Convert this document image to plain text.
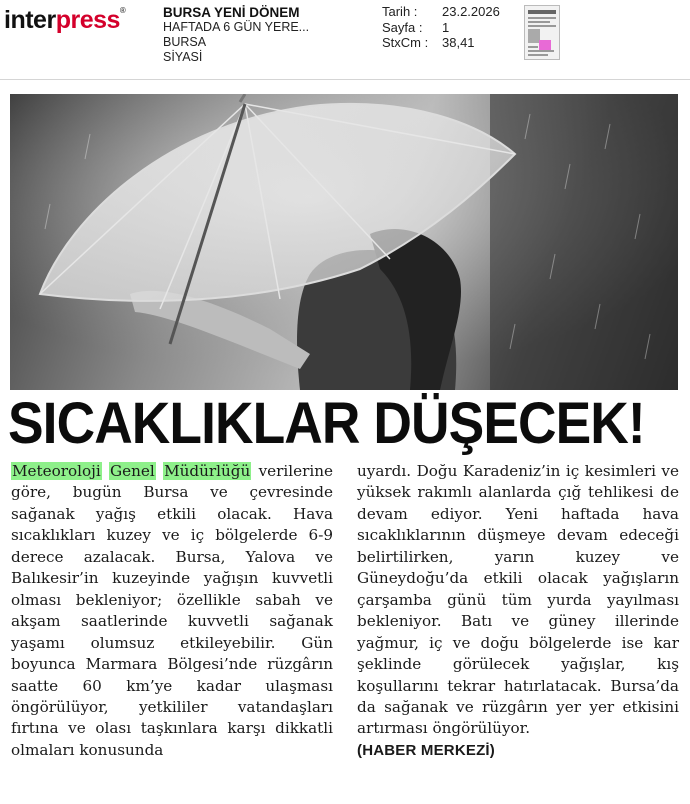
interpress®	BURSA YENİ DÖNEM
HAFTADA 6 GÜN YERE...
BURSA
SİYASİ
Tarih :	23.2.2026
Sayfa :	1
StxCm :	38,41
SICAKLIKLAR DÜŞECEK!
Meteoroloji Genel Müdürlüğü verilerine göre, bugün Bursa ve çevresinde sağanak yağış etkili olacak. Hava sıcaklıkları kuzey ve iç bölgelerde 6-9 derece azalacak. Bursa, Yalova ve Balıkesir’in kuzeyinde yağışın kuvvetli olması bekleniyor; özellikle sabah ve akşam saatlerinde kuvvetli sağanak yaşamı olumsuz etkileyebilir. Gün boyunca Marmara Bölgesi’nde rüzgârın saatte 60 km’ye kadar ulaşması öngörülüyor, yetkililer vatandaşları fırtına ve olası taşkınlara karşı dikkatli olmaları konusunda
uyardı. Doğu Karadeniz’in iç kesimleri ve yüksek rakımlı alanlarda çığ tehlikesi de devam ediyor. Yeni haftada hava sıcaklıklarının düşmeye devam edeceği belirtilirken, yarın kuzey ve Güneydoğu’da etkili olacak yağışların çarşamba günü tüm yurda yayılması bekleniyor. Batı ve güney illerinde yağmur, iç ve doğu bölgelerde ise kar şeklinde görülecek yağışlar, kış koşullarını tekrar hatırlatacak. Bursa’da da sağanak ve rüzgârın yer yer etkisini artırması öngörülüyor.
(HABER MERKEZİ)
